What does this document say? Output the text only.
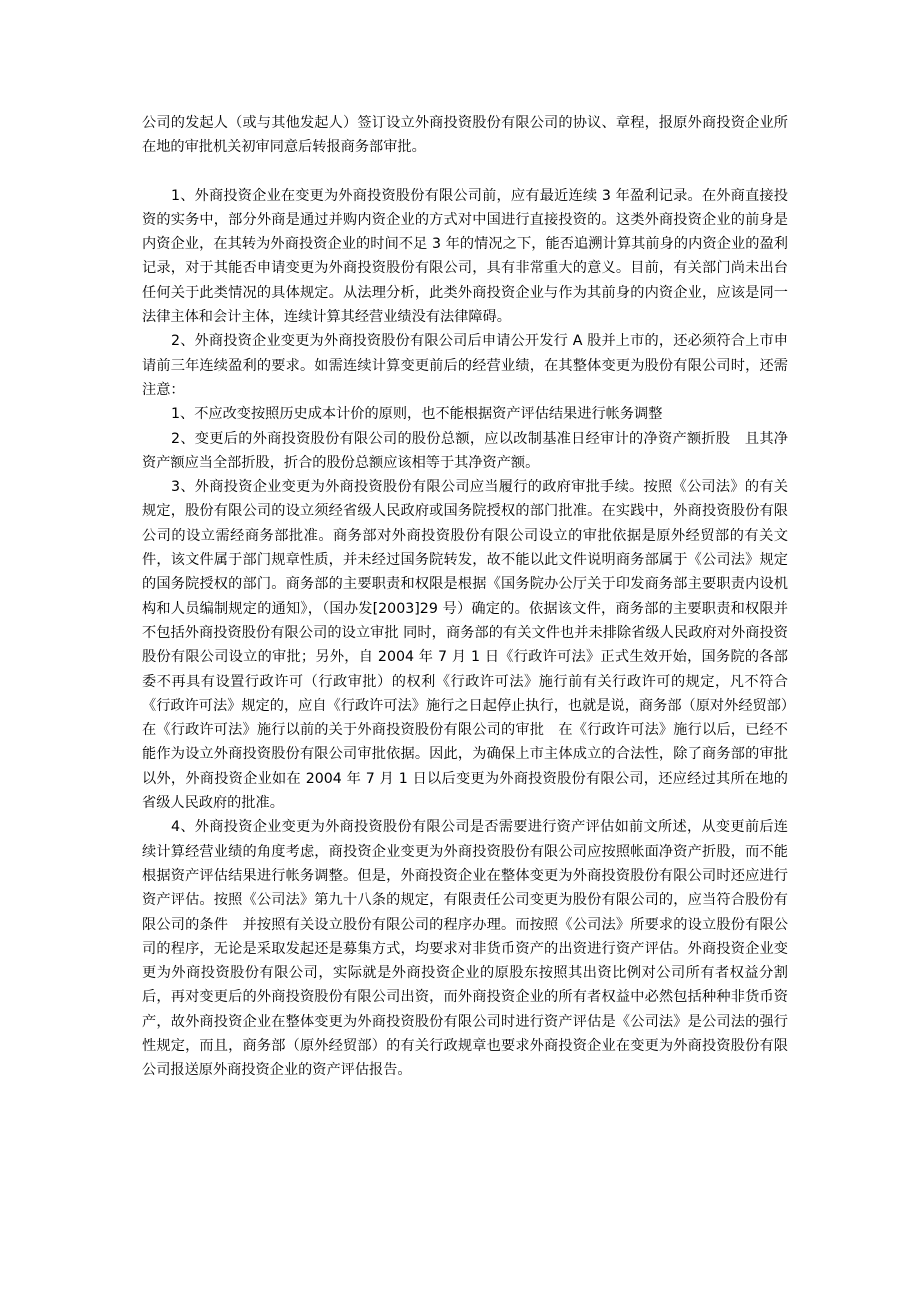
公司的发起人（或与其他发起人）签订设立外商投资股份有限公司的协议、章程，报原外商投资企业所在地的审批机关初审同意后转报商务部审批。

1、外商投资企业在变更为外商投资股份有限公司前，应有最近连续 3 年盈利记录。在外商直接投资的实务中，部分外商是通过并购内资企业的方式对中国进行直接投资的。这类外商投资企业的前身是内资企业，在其转为外商投资企业的时间不足 3 年的情况之下，能否追溯计算其前身的内资企业的盈利记录，对于其能否申请变更为外商投资股份有限公司，具有非常重大的意义。目前，有关部门尚未出台任何关于此类情况的具体规定。从法理分析，此类外商投资企业与作为其前身的内资企业，应该是同一法律主体和会计主体，连续计算其经营业绩没有法律障碍。

2、外商投资企业变更为外商投资股份有限公司后申请公开发行 A 股并上市的，还必须符合上市申请前三年连续盈利的要求。如需连续计算变更前后的经营业绩，在其整体变更为股份有限公司时，还需注意：

1、不应改变按照历史成本计价的原则，也不能根据资产评估结果进行帐务调整

2、变更后的外商投资股份有限公司的股份总额，应以改制基准日经审计的净资产额折股　且其净资产额应当全部折股，折合的股份总额应该相等于其净资产额。

3、外商投资企业变更为外商投资股份有限公司应当履行的政府审批手续。按照《公司法》的有关规定，股份有限公司的设立须经省级人民政府或国务院授权的部门批准。在实践中，外商投资股份有限公司的设立需经商务部批准。商务部对外商投资股份有限公司设立的审批依据是原外经贸部的有关文件，该文件属于部门规章性质，并未经过国务院转发，故不能以此文件说明商务部属于《公司法》规定的国务院授权的部门。商务部的主要职责和权限是根据《国务院办公厅关于印发商务部主要职责内设机构和人员编制规定的通知》，（国办发[2003]29 号）确定的。依据该文件，商务部的主要职责和权限并不包括外商投资股份有限公司的设立审批 同时，商务部的有关文件也并未排除省级人民政府对外商投资股份有限公司设立的审批；另外，自 2004 年 7 月 1 日《行政许可法》正式生效开始，国务院的各部委不再具有设置行政许可（行政审批）的权利《行政许可法》施行前有关行政许可的规定，凡不符合《行政许可法》规定的，应自《行政许可法》施行之日起停止执行，也就是说，商务部（原对外经贸部）在《行政许可法》施行以前的关于外商投资股份有限公司的审批　在《行政许可法》施行以后，已经不能作为设立外商投资股份有限公司审批依据。因此，为确保上市主体成立的合法性，除了商务部的审批以外，外商投资企业如在 2004 年 7 月 1 日以后变更为外商投资股份有限公司，还应经过其所在地的省级人民政府的批准。

4、外商投资企业变更为外商投资股份有限公司是否需要进行资产评估如前文所述，从变更前后连续计算经营业绩的角度考虑，商投资企业变更为外商投资股份有限公司应按照帐面净资产折股，而不能根据资产评估结果进行帐务调整。但是，外商投资企业在整体变更为外商投资股份有限公司时还应进行资产评估。按照《公司法》第九十八条的规定，有限责任公司变更为股份有限公司的，应当符合股份有限公司的条件　并按照有关设立股份有限公司的程序办理。而按照《公司法》所要求的设立股份有限公司的程序，无论是采取发起还是募集方式，均要求对非货币资产的出资进行资产评估。外商投资企业变更为外商投资股份有限公司，实际就是外商投资企业的原股东按照其出资比例对公司所有者权益分割后，再对变更后的外商投资股份有限公司出资，而外商投资企业的所有者权益中必然包括种种非货币资产，故外商投资企业在整体变更为外商投资股份有限公司时进行资产评估是《公司法》是公司法的强行性规定，而且，商务部（原外经贸部）的有关行政规章也要求外商投资企业在变更为外商投资股份有限公司报送原外商投资企业的资产评估报告。
